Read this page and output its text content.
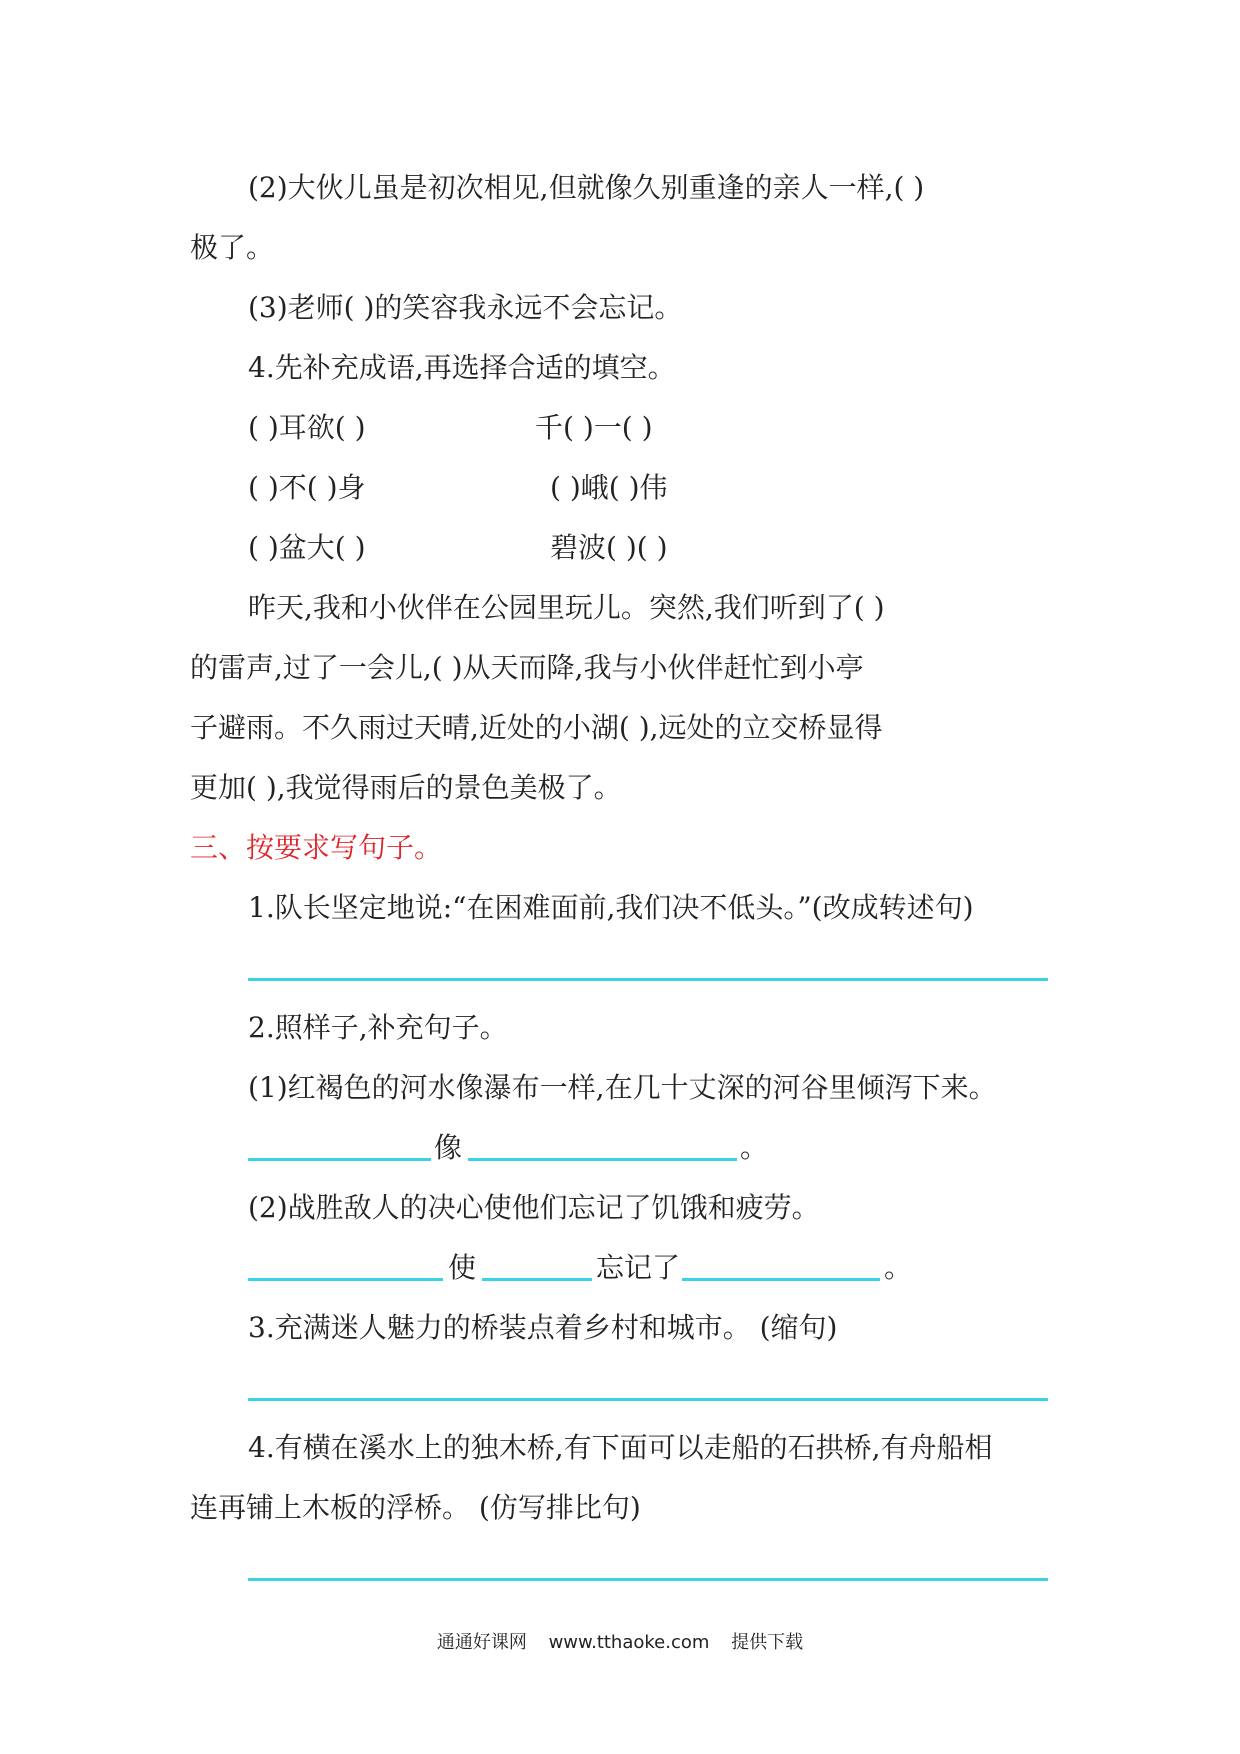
(2)大伙儿虽是初次相见,但就像久别重逢的亲人一样,( )
极了。
(3)老师( )的笑容我永远不会忘记。
4.先补充成语,再选择合适的填空。
( )耳欲( )	千( )一( )
( )不( )身	( )峨( )伟
( )盆大( )	碧波( )( )
昨天,我和小伙伴在公园里玩儿。突然,我们听到了( )
的雷声,过了一会儿,( )从天而降,我与小伙伴赶忙到小亭
子避雨。不久雨过天晴,近处的小湖( ),远处的立交桥显得
更加( ),我觉得雨后的景色美极了。
三、按要求写句子。
1.队长坚定地说:“在困难面前,我们决不低头。”(改成转述句)
2.照样子,补充句子。
(1)红褐色的河水像瀑布一样,在几十丈深的河谷里倾泻下来。
像	。
(2)战胜敌人的决心使他们忘记了饥饿和疲劳。
使	忘记了	。
3.充满迷人魅力的桥装点着乡村和城市。 (缩句)
4.有横在溪水上的独木桥,有下面可以走船的石拱桥,有舟船相
连再铺上木板的浮桥。 (仿写排比句)
通通好课网 www.tthaoke.com 提供下载
